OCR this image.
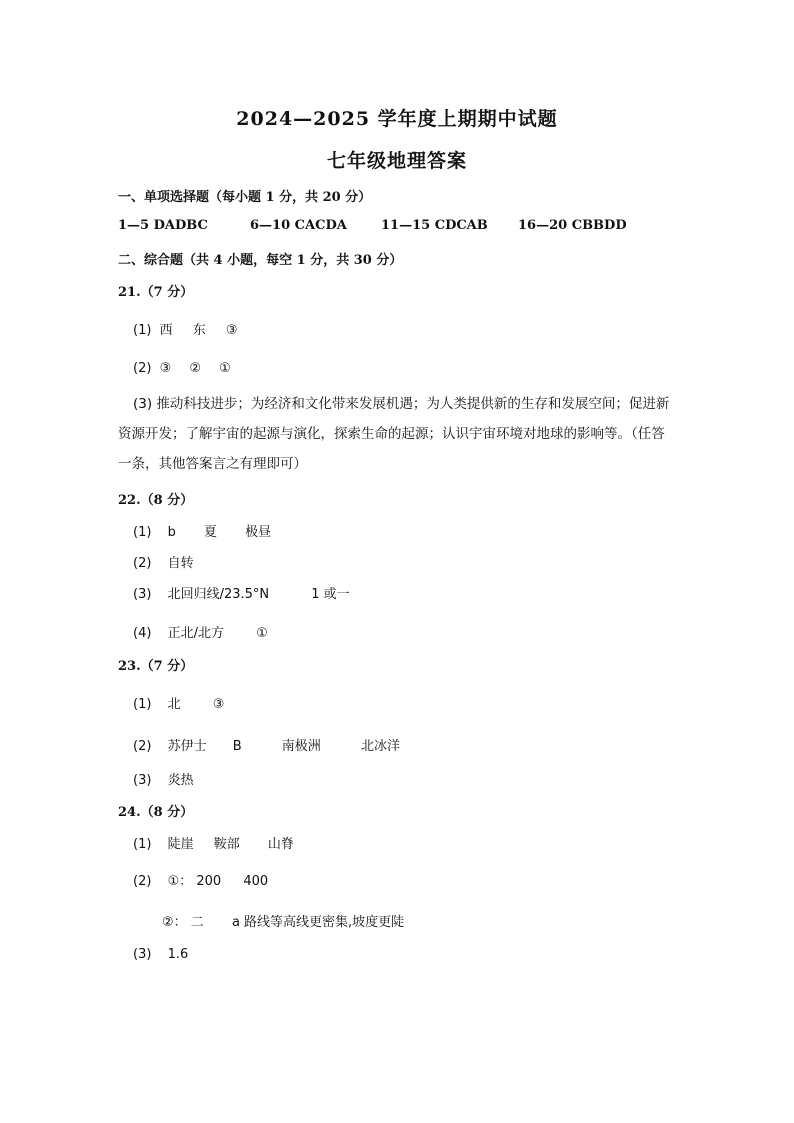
2024—2025 学年度上期期中试题
七年级地理答案
一、单项选择题（每小题 1 分，共 20 分）
1—5 DADBC	6—10 CACDA	11—15 CDCAB 16—20 CBBDD
二、综合题（共 4 小题，每空 1 分，共 30 分）
21.（7 分）
(1) 西 东 ③
(2) ③ ② ①
(3) 推动科技进步；为经济和文化带来发展机遇；为人类提供新的生存和发展空间；促进新资源开发；了解宇宙的起源与演化，探索生命的起源；认识宇宙环境对地球的影响等。（任答一条，其他答案言之有理即可）
22.（8 分）
(1) b 夏 极昼
(2) 自转
(3) 北回归线/23.5°N	1 或一
(4) 正北/北方 ①
23.（7 分）
(1) 北 ③
(2) 苏伊士 B	南极洲	北冰洋
(3) 炎热
24.（8 分）
(1) 陡崖 鞍部 山脊
(2) ①： 200 400
②： 二 a 路线等高线更密集,坡度更陡
(3) 1.6
